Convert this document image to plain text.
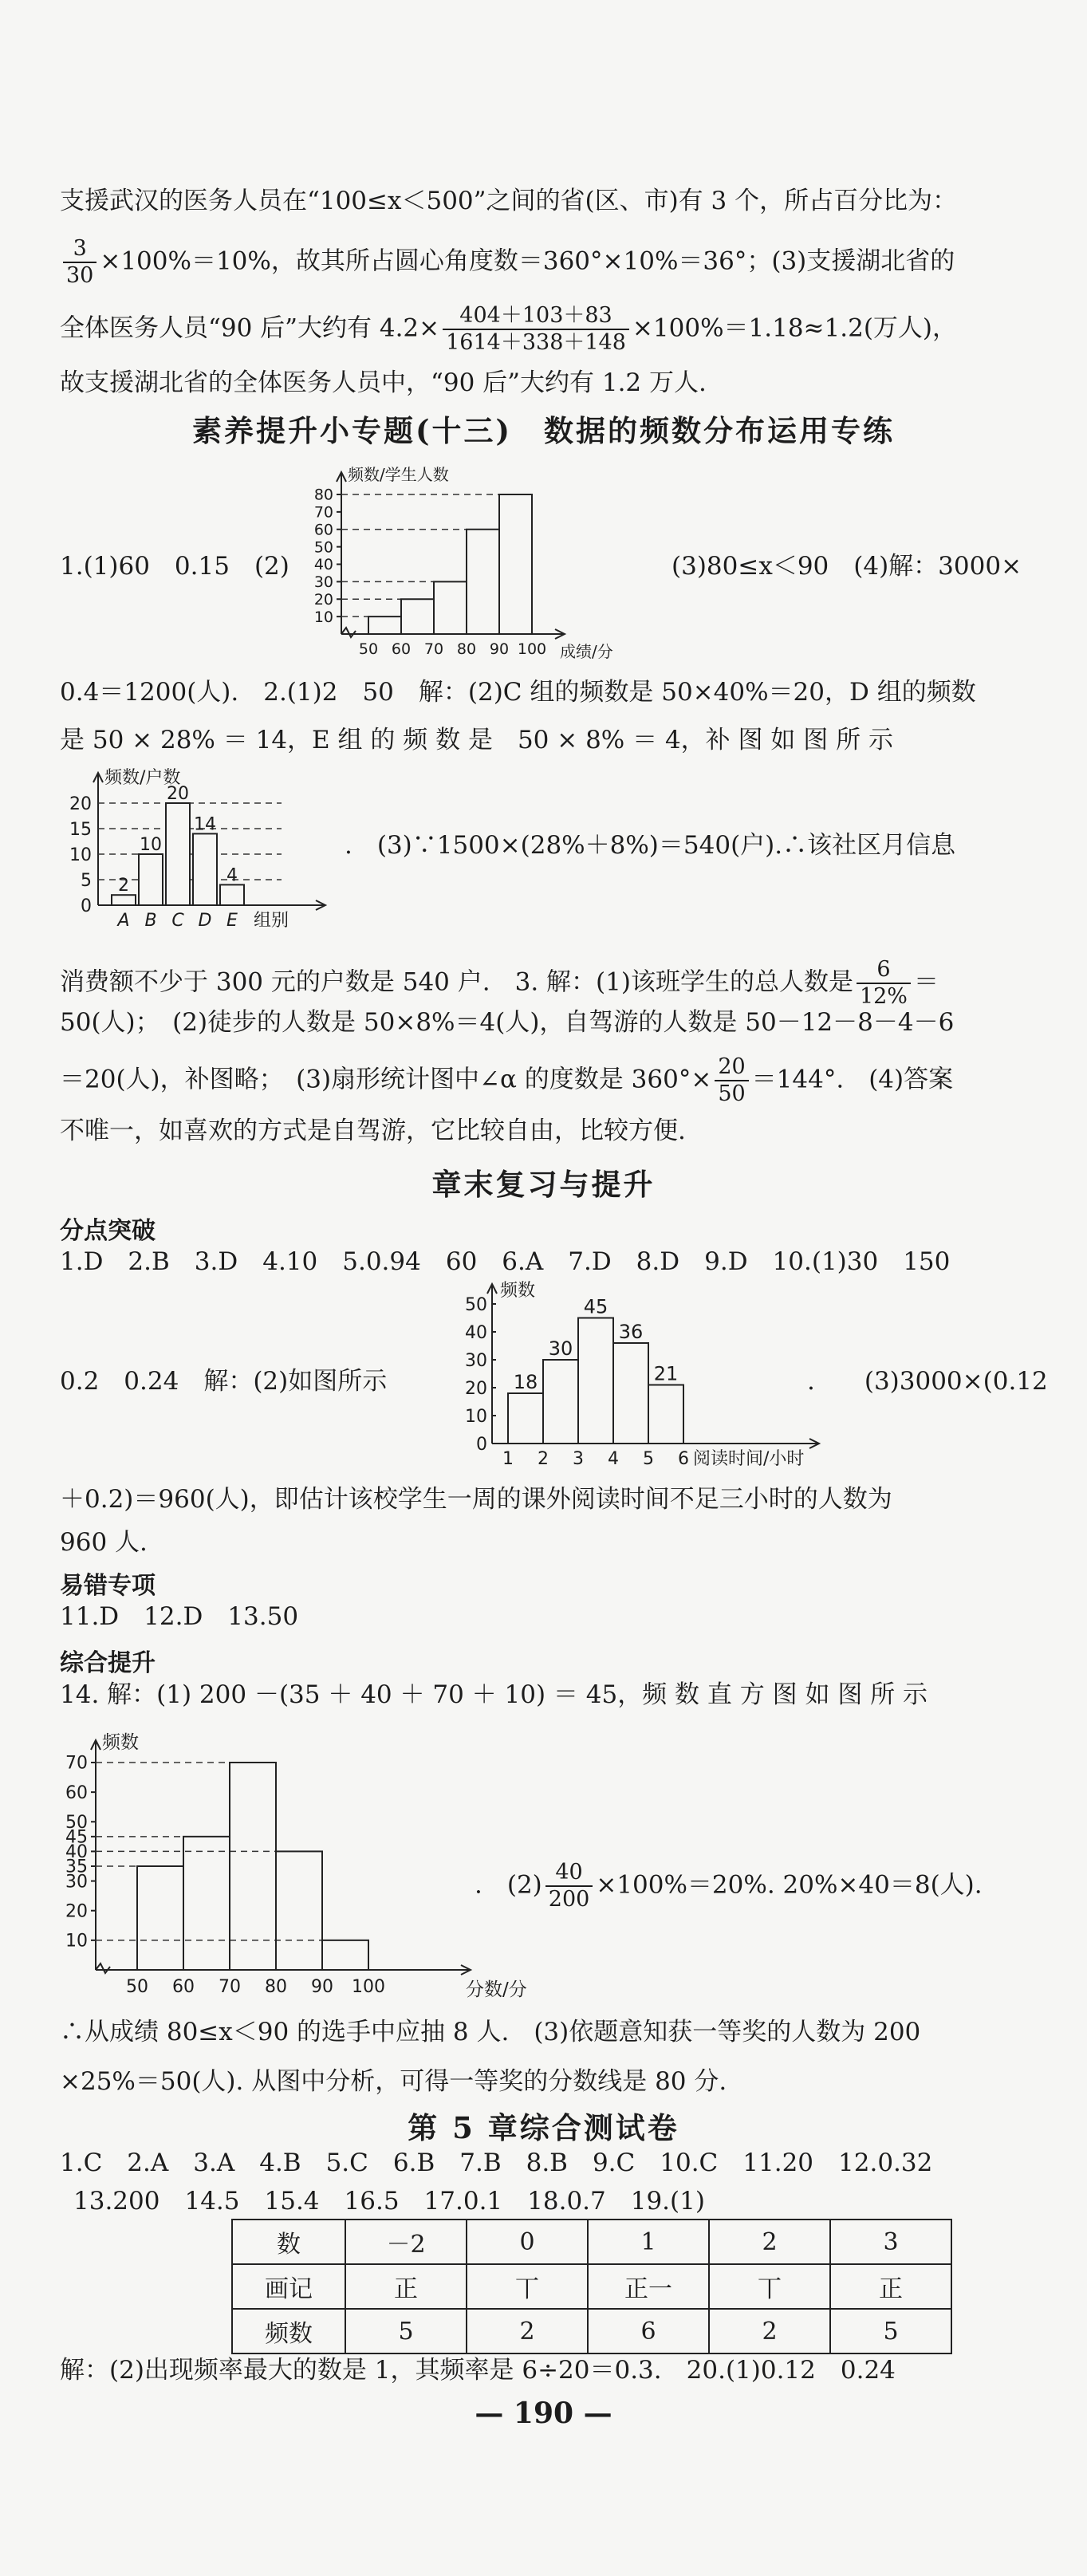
支援武汉的医务人员在“100≤x＜500”之间的省(区、市)有 3 个，所占百分比为：
$\frac{3}{30} \times 100\%=10\%$，故其所占圆心角度数＝360°×10%＝36°；(3)支援湖北省的
全体医务人员“90 后”大约有 $4.2\times \frac{404+103+83}{1614+338+148} \times 100\%=1.18\approx 1.2$(万人)，
故支援湖北省的全体医务人员中，“90 后”大约有 1.2 万人.
素养提升小专题(十三)　数据的频数分布运用专练
10
20
30
40
50
60
70
80
50 60 70 80 90 100 成绩/分
频数/学生人数
1.(1)60　0.15　(2)	(3)80≤x＜90　(4)解：3000×
0.4＝1200(人).　2.(1)2　50　解：(2)C 组的频数是 50×40%＝20，D 组的频数
是 50 × 28% ＝ 14，E 组 的 频 数 是　50 × 8% ＝ 4，补 图 如 图 所 示
0
5
10
15
20
2
A
10
B
20
C
14
D
4
E 组别
频数/户数
.　(3)∵1500×(28%＋8%)＝540(户).∴该社区月信息
消费额不少于 300 元的户数是 540 户.　3. 解：(1)该班学生的总人数是 $\frac{6}{12\%}$ ＝
50(人)；　(2)徒步的人数是 50×8%＝4(人)，自驾游的人数是 50－12－8－4－6
＝20(人)，补图略；　(3)扇形统计图中∠α 的度数是 $360^\circ\times \frac{20}{50} =144^\circ$.　(4)答案
不唯一，如喜欢的方式是自驾游，它比较自由，比较方便.
章末复习与提升
分点突破
1.D　2.B　3.D　4.10　5.0.94　60　6.A　7.D　8.D　9.D　10.(1)30　150
0
10
20
30
40
50
18
30
45
36
21
1 2 3 4 5 6 阅读时间/小时
频数
0.2　0.24　解：(2)如图所示	.　　(3)3000×(0.12
＋0.2)＝960(人)，即估计该校学生一周的课外阅读时间不足三小时的人数为
960 人.
易错专项
11.D　12.D　13.50
综合提升
14. 解：(1) 200 －(35 ＋ 40 ＋ 70 ＋ 10) ＝ 45，频 数 直 方 图 如 图 所 示
10
20
30
35
40
45
50
60
70
50 60 70 80 90 100	分数/分
频数
.　$(2) \frac{40}{200} \times 100\%=20\%$. 20%×40＝8(人).
∴从成绩 80≤x＜90 的选手中应抽 8 人.　(3)依题意知获一等奖的人数为 200
×25%＝50(人). 从图中分析，可得一等奖的分数线是 80 分.
第 5 章综合测试卷
1.C　2.A　3.A　4.B　5.C　6.B　7.B　8.B　9.C　10.C　11.20　12.0.32
13.200　14.5　15.4　16.5　17.0.1　18.0.7　19.(1)
数	－2	0	1	2	3
画记	正	丅	正一	丅	正
频数	5	2	6	2	5
解：(2)出现频率最大的数是 1，其频率是 6÷20＝0.3.　20.(1)0.12　0.24
— 190 —
